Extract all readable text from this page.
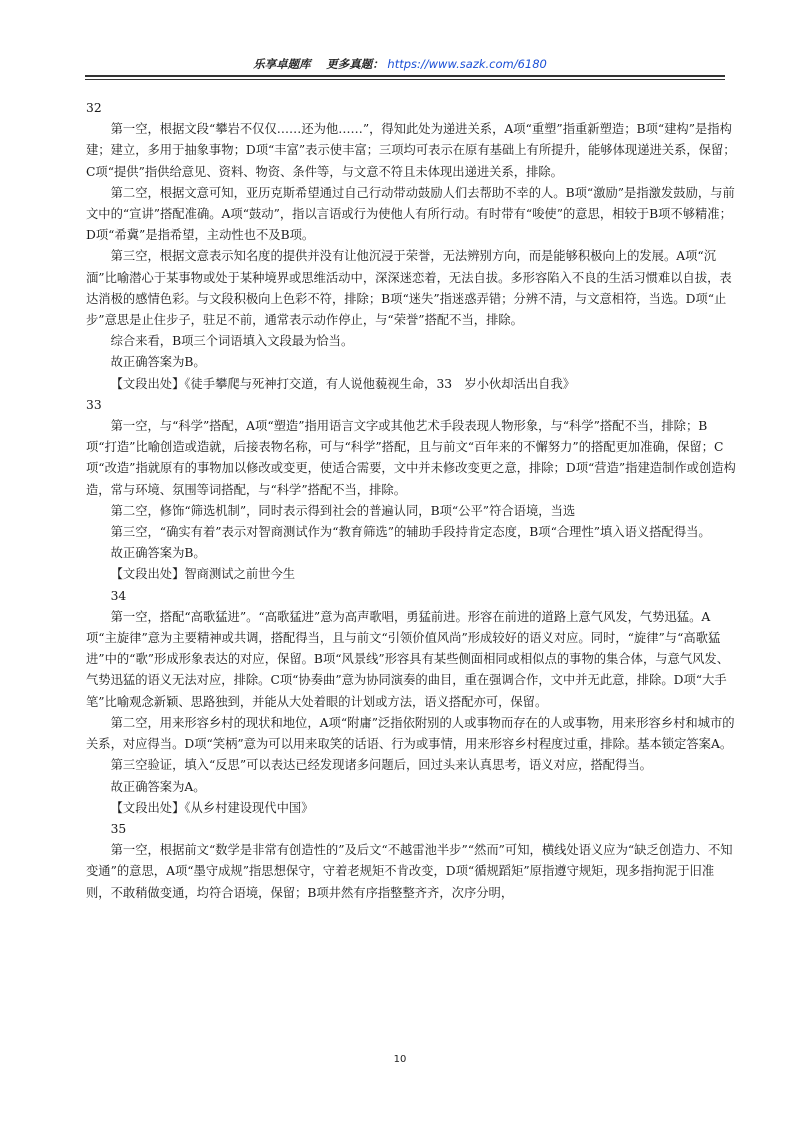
乐享卓题库 更多真题： https://www.sazk.com/6180

32

第一空，根据文段“攀岩不仅仅……还为他……”，得知此处为递进关系，A项“重塑”指重新塑造；B项“建构”是指构建；建立，多用于抽象事物；D项“丰富”表示使丰富；三项均可表示在原有基础上有所提升，能够体现递进关系，保留；C项“提供”指供给意见、资料、物资、条件等，与文意不符且未体现出递进关系，排除。

第二空，根据文意可知，亚历克斯希望通过自己行动带动鼓励人们去帮助不幸的人。B项“激励”是指激发鼓励，与前文中的“宣讲”搭配准确。A项“鼓动”，指以言语或行为使他人有所行动。有时带有“唆使”的意思，相较于B项不够精准；D项“希冀”是指希望，主动性也不及B项。

第三空，根据文意表示知名度的提供并没有让他沉浸于荣誉，无法辨别方向，而是能够积极向上的发展。A项“沉湎”比喻潜心于某事物或处于某种境界或思维活动中，深深迷恋着，无法自拔。多形容陷入不良的生活习惯难以自拔，表达消极的感情色彩。与文段积极向上色彩不符，排除；B项“迷失”指迷惑弄错；分辨不清，与文意相符，当选。D项“止步”意思是止住步子，驻足不前，通常表示动作停止，与“荣誉”搭配不当，排除。

综合来看，B项三个词语填入文段最为恰当。

故正确答案为B。

【文段出处】《徒手攀爬与死神打交道，有人说他藐视生命，33　岁小伙却活出自我》

33

第一空，与“科学”搭配，A项“塑造”指用语言文字或其他艺术手段表现人物形象，与“科学”搭配不当，排除；B项“打造”比喻创造或造就，后接表物名称，可与“科学”搭配，且与前文“百年来的不懈努力”的搭配更加准确，保留；C项“改造”指就原有的事物加以修改或变更，使适合需要，文中并未修改变更之意，排除；D项“营造”指建造制作或创造构造，常与环境、氛围等词搭配，与“科学”搭配不当，排除。

第二空，修饰“筛选机制”，同时表示得到社会的普遍认同，B项“公平”符合语境，当选

第三空，“确实有着”表示对智商测试作为“教育筛选”的辅助手段持肯定态度，B项“合理性”填入语义搭配得当。

故正确答案为B。

【文段出处】智商测试之前世今生

34

第一空，搭配“高歌猛进”。“高歌猛进”意为高声歌唱，勇猛前进。形容在前进的道路上意气风发，气势迅猛。A项“主旋律”意为主要精神或共调，搭配得当，且与前文“引领价值风尚”形成较好的语义对应。同时，“旋律”与“高歌猛进”中的“歌”形成形象表达的对应，保留。B项“风景线”形容具有某些侧面相同或相似点的事物的集合体，与意气风发、气势迅猛的语义无法对应，排除。C项“协奏曲”意为协同演奏的曲目，重在强调合作，文中并无此意，排除。D项“大手笔”比喻观念新颖、思路独到，并能从大处着眼的计划或方法，语义搭配亦可，保留。

第二空，用来形容乡村的现状和地位，A项“附庸”泛指依附别的人或事物而存在的人或事物，用来形容乡村和城市的关系，对应得当。D项“笑柄”意为可以用来取笑的话语、行为或事情，用来形容乡村程度过重，排除。基本锁定答案A。

第三空验证，填入“反思”可以表达已经发现诸多问题后，回过头来认真思考，语义对应，搭配得当。

故正确答案为A。

【文段出处】《从乡村建设现代中国》

35

第一空，根据前文“数学是非常有创造性的”及后文“不越雷池半步”“然而”可知，横线处语义应为“缺乏创造力、不知变通”的意思，A项“墨守成规”指思想保守，守着老规矩不肯改变，D项“循规蹈矩”原指遵守规矩，现多指拘泥于旧准则，不敢稍做变通，均符合语境，保留；B项井然有序指整整齐齐，次序分明，

10
